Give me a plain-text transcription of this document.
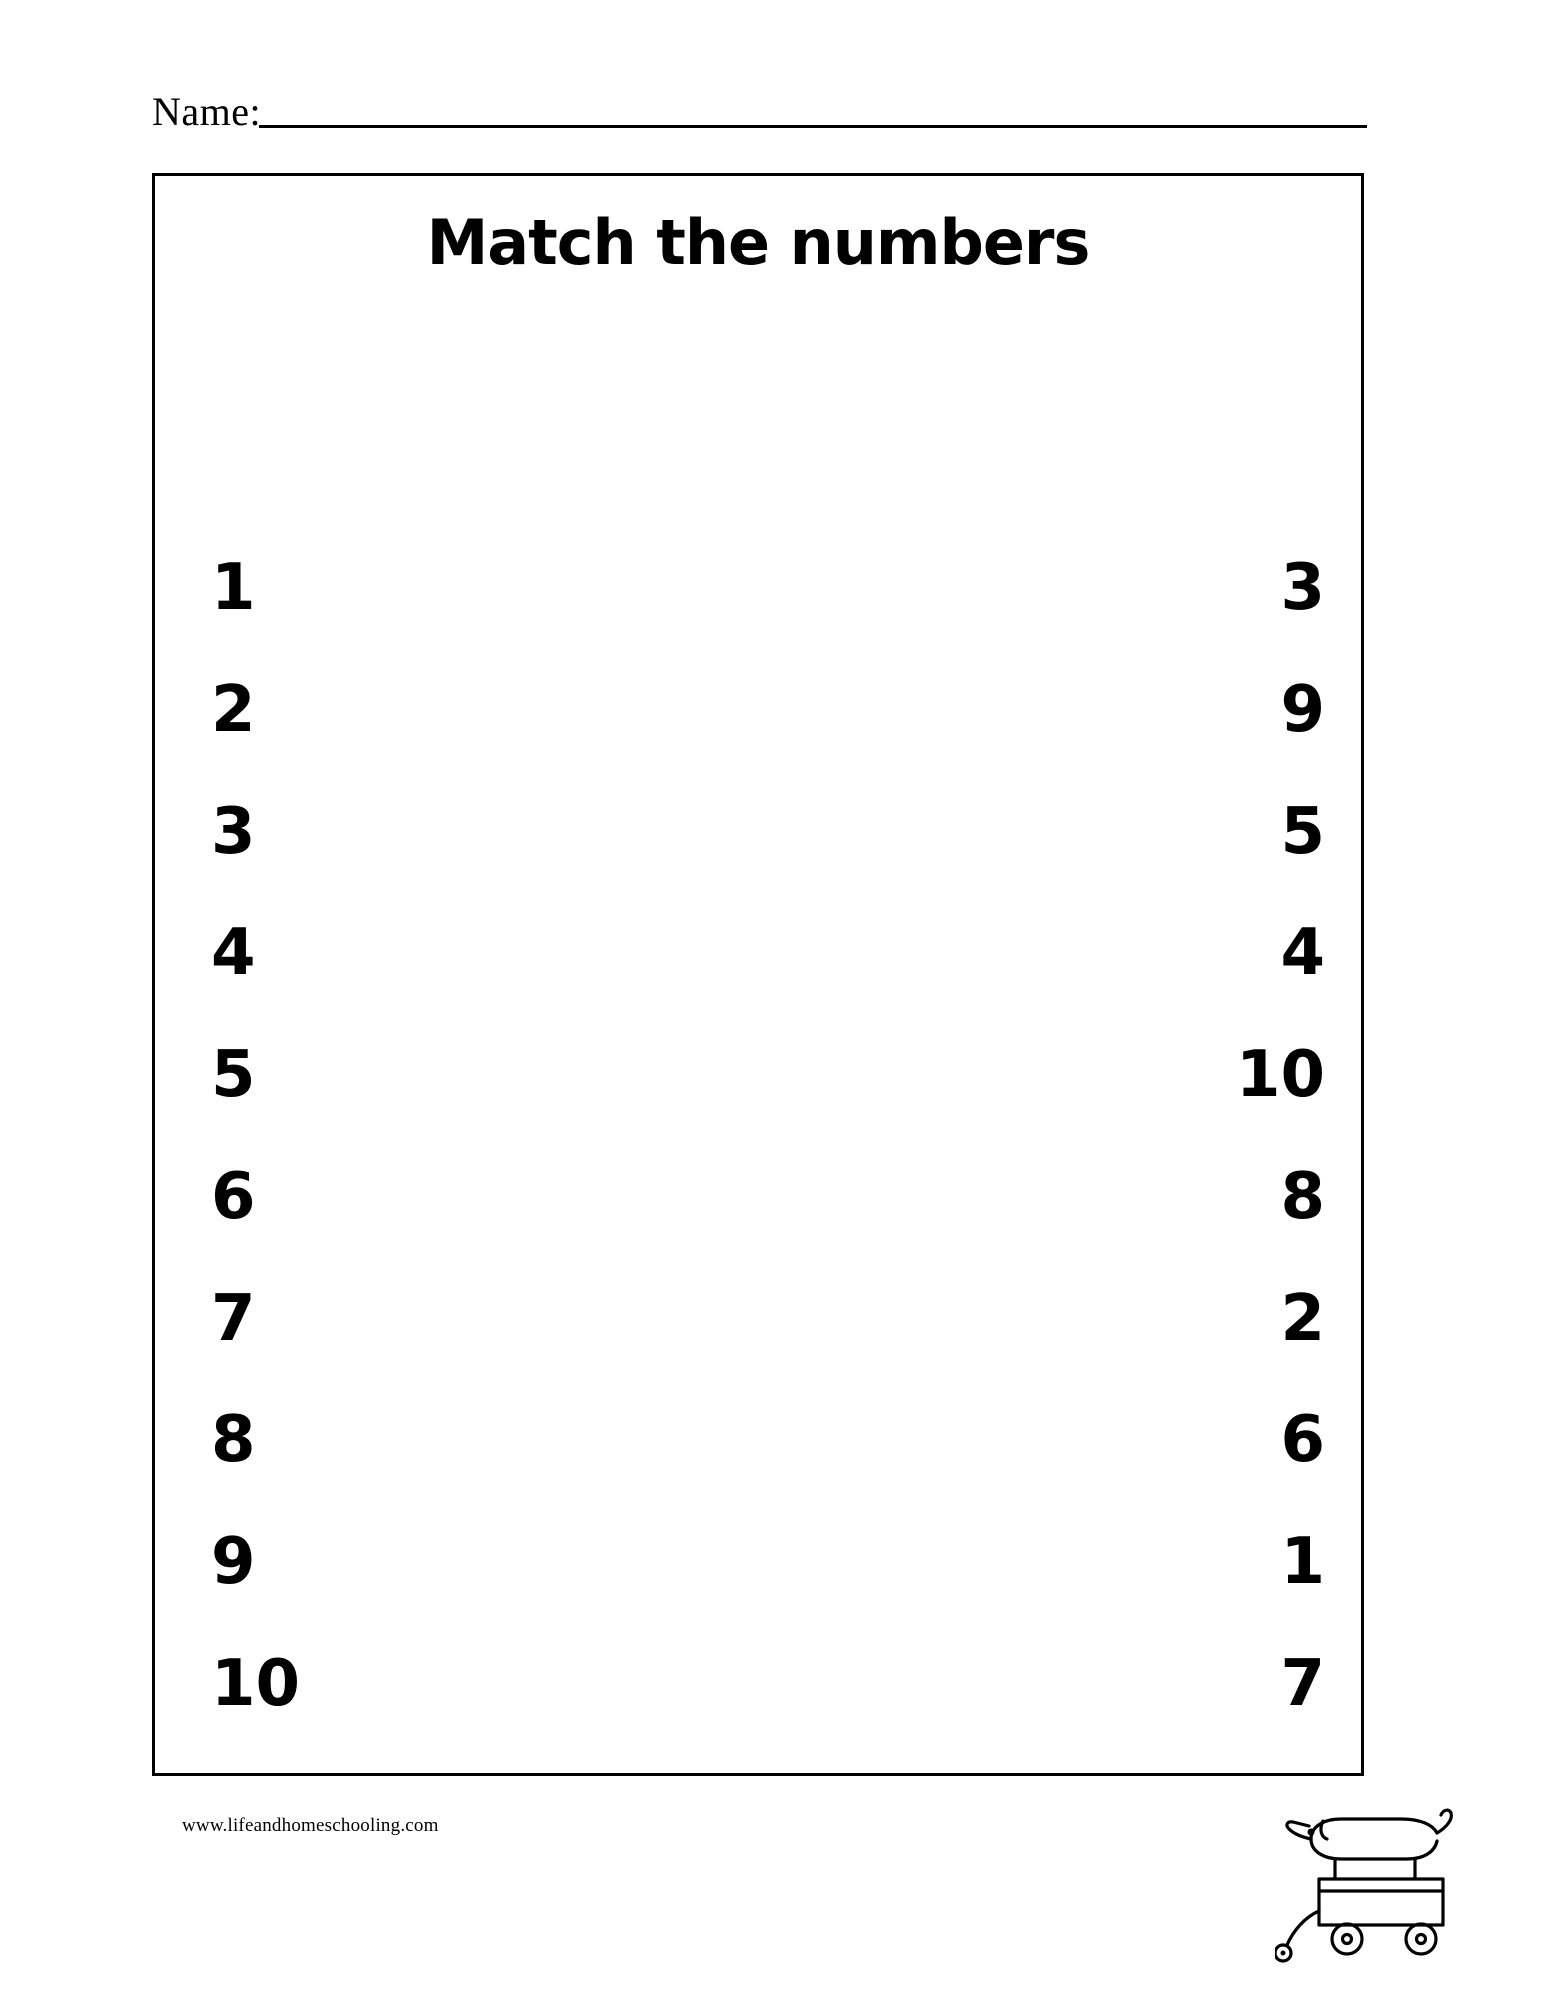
Name:
Match the numbers
1
2
3
4
5
6
7
8
9
10
3
9
5
4
10
8
2
6
1
7
www.lifeandhomeschooling.com
